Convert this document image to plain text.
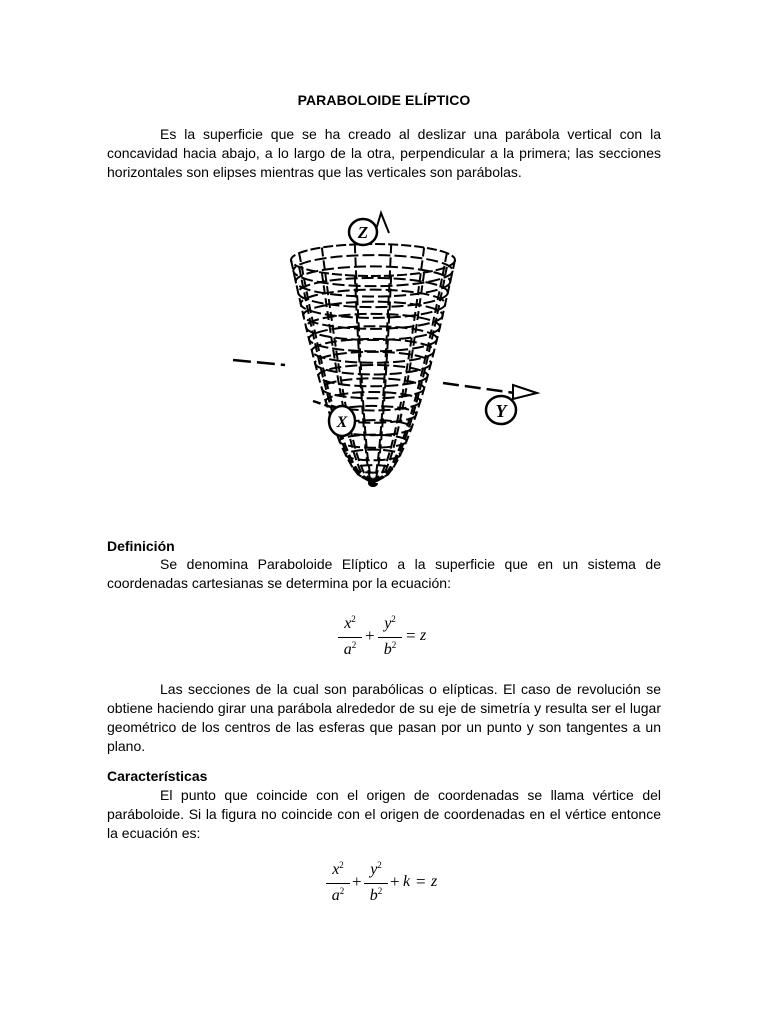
PARABOLOIDE ELÍPTICO

Es la superficie que se ha creado al deslizar una parábola vertical con la concavidad hacia abajo, a lo largo de la otra, perpendicular a la primera; las secciones horizontales son elipses mientras que las verticales son parábolas.

Z
X
Y
Definición

Se denomina Paraboloide Elíptico a la superficie que en un sistema de coordenadas cartesianas se determina por la ecuación:

$x^2$
$a^2$ +
$y^2$
$b^2 = z$

Las secciones de la cual son parabólicas o elípticas. El caso de revolución se obtiene haciendo girar una parábola alrededor de su eje de simetría y resulta ser el lugar geométrico de los centros de las esferas que pasan por un punto y son tangentes a un plano.

Características

El punto que coincide con el origen de coordenadas se llama vértice del paráboloide. Si la figura no coincide con el origen de coordenadas en el vértice entonce la ecuación es:

$x^2$
$a^2$ +
$y^2$
$b^2 + k = z$
